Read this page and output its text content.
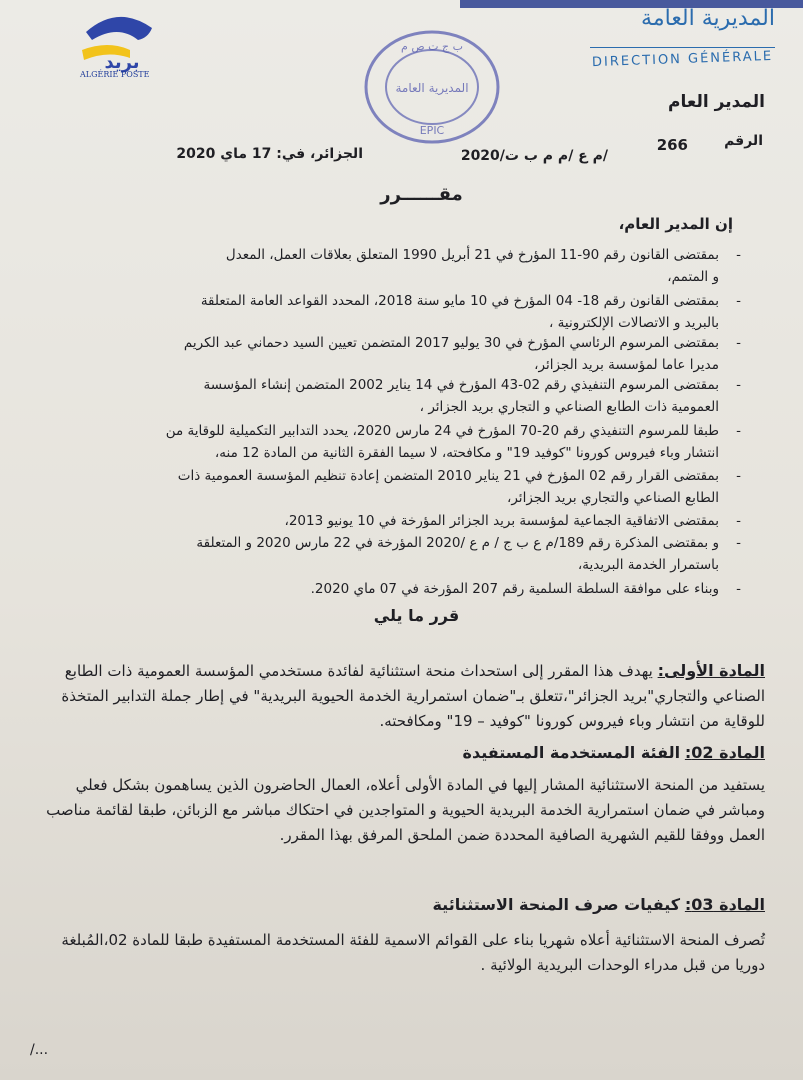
بريد
ALGÉRIE POSTE
ب ج ت ص م
المديرية العامة
EPIC
المديرية العامة
DIRECTION GÉNÉRALE
المدير العام
الرقم
266
/م ع /م م ب ت/2020
الجزائر، في: 17 ماي 2020
مقــــــرر
إن المدير العام،
-
بمقتضى القانون رقم 90-11 المؤرخ في 21 أبريل 1990 المتعلق بعلاقات العمل، المعدل
و المتمم،
-
بمقتضى القانون رقم 18- 04 المؤرخ في 10 مايو سنة 2018، المحدد القواعد العامة المتعلقة
بالبريد و الاتصالات الإلكترونية ،
-
بمقتضى المرسوم الرئاسي المؤرخ في 30 يوليو 2017 المتضمن تعيين السيد دحماني عبد الكريم
مديرا عاما لمؤسسة بريد الجزائر،
-
بمقتضى المرسوم التنفيذي رقم 02-43 المؤرخ في 14 يناير 2002 المتضمن إنشاء المؤسسة
العمومية ذات الطابع الصناعي و التجاري بريد الجزائر ،
-
طبقا للمرسوم التنفيذي رقم 20-70 المؤرخ في 24 مارس 2020، يحدد التدابير التكميلية للوقاية من
انتشار وباء فيروس كورونا "كوفيد 19" و مكافحته، لا سيما الفقرة الثانية من المادة 12 منه،
-
بمقتضى القرار رقم 02 المؤرخ في 21 يناير 2010 المتضمن إعادة تنظيم المؤسسة العمومية ذات
الطابع الصناعي والتجاري بريد الجزائر،
-
بمقتضى الاتفاقية الجماعية لمؤسسة بريد الجزائر المؤرخة في 10 يونيو 2013،
-
و بمقتضى المذكرة رقم 189/م ع ب ج / م ع /2020 المؤرخة في 22 مارس 2020 و المتعلقة
باستمرار الخدمة البريدية،
-
وبناء على موافقة السلطة السلمية رقم 207 المؤرخة في 07 ماي 2020.
قرر ما يلي
المادة الأولى: يهدف هذا المقرر إلى استحداث منحة استثنائية لفائدة مستخدمي المؤسسة العمومية ذات الطابع الصناعي والتجاري"بريد الجزائر"،تتعلق بـ"ضمان استمرارية الخدمة الحيوية البريدية" في إطار جملة التدابير المتخذة للوقاية من انتشار وباء فيروس كورونا "كوفيد – 19" ومكافحته.
المادة 02: الفئة المستخدمة المستفيدة
يستفيد من المنحة الاستثنائية المشار إليها في المادة الأولى أعلاه، العمال الحاضرون الذين يساهمون بشكل فعلي ومباشر في ضمان استمرارية الخدمة البريدية الحيوية و المتواجدين في احتكاك مباشر مع الزبائن، طبقا لقائمة مناصب العمل ووفقا للقيم الشهرية الصافية المحددة ضمن الملحق المرفق بهذا المقرر.
المادة 03: كيفيات صرف المنحة الاستثنائية
تُصرف المنحة الاستثنائية أعلاه شهريا بناء على القوائم الاسمية للفئة المستخدمة المستفيدة طبقا للمادة 02،المُبلغة دوريا من قبل مدراء الوحدات البريدية الولائية .
/...
